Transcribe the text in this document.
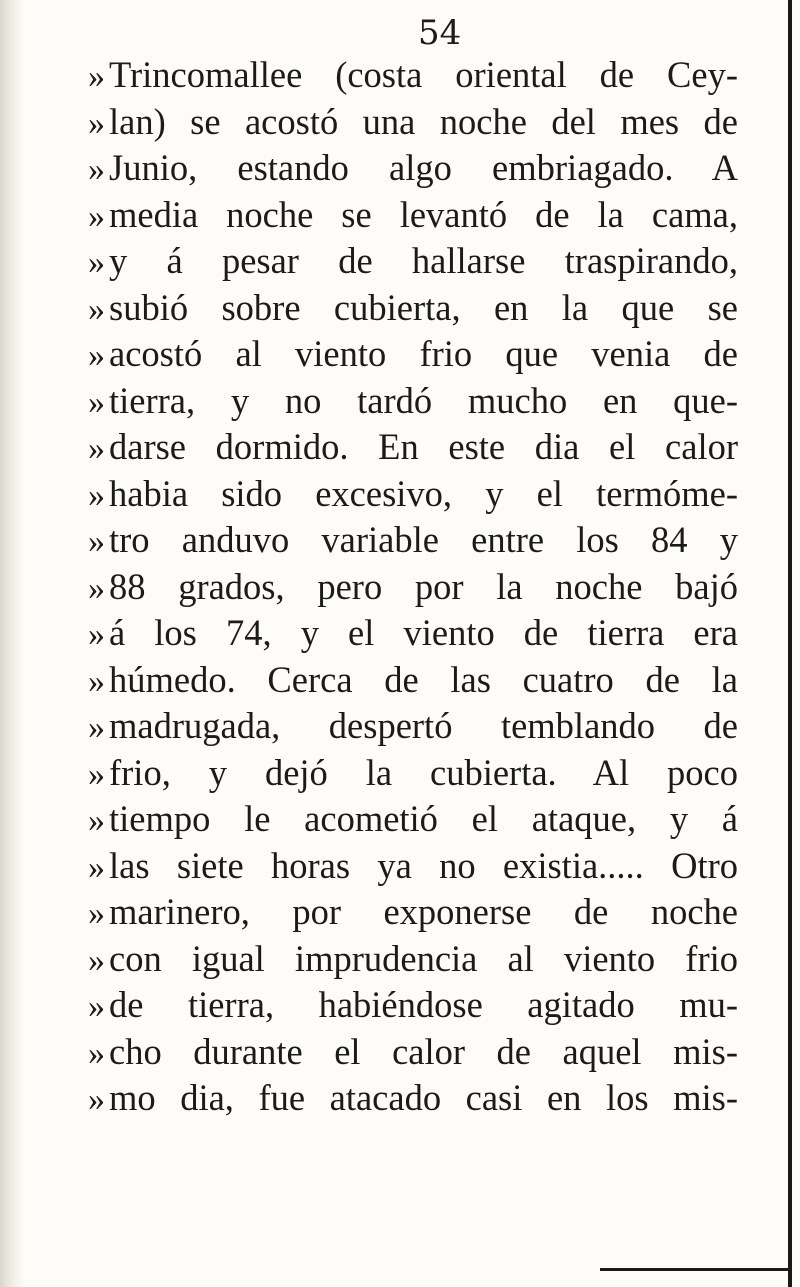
54
» Trincomallee (costa oriental de Cey-
» lan) se acostó una noche del mes de
» Junio, estando algo embriagado. A
» media noche se levantó de la cama,
» y á pesar de hallarse traspirando,
» subió sobre cubierta, en la que se
» acostó al viento frio que venia de
» tierra, y no tardó mucho en que-
» darse dormido. En este dia el calor
» habia sido excesivo, y el termóme-
» tro anduvo variable entre los 84 y
» 88 grados, pero por la noche bajó
» á los 74, y el viento de tierra era
» húmedo. Cerca de las cuatro de la
» madrugada, despertó temblando de
» frio, y dejó la cubierta. Al poco
» tiempo le acometió el ataque, y á
» las siete horas ya no existia..... Otro
» marinero, por exponerse de noche
» con igual imprudencia al viento frio
» de tierra, habiéndose agitado mu-
» cho durante el calor de aquel mis-
» mo dia, fue atacado casi en los mis-
